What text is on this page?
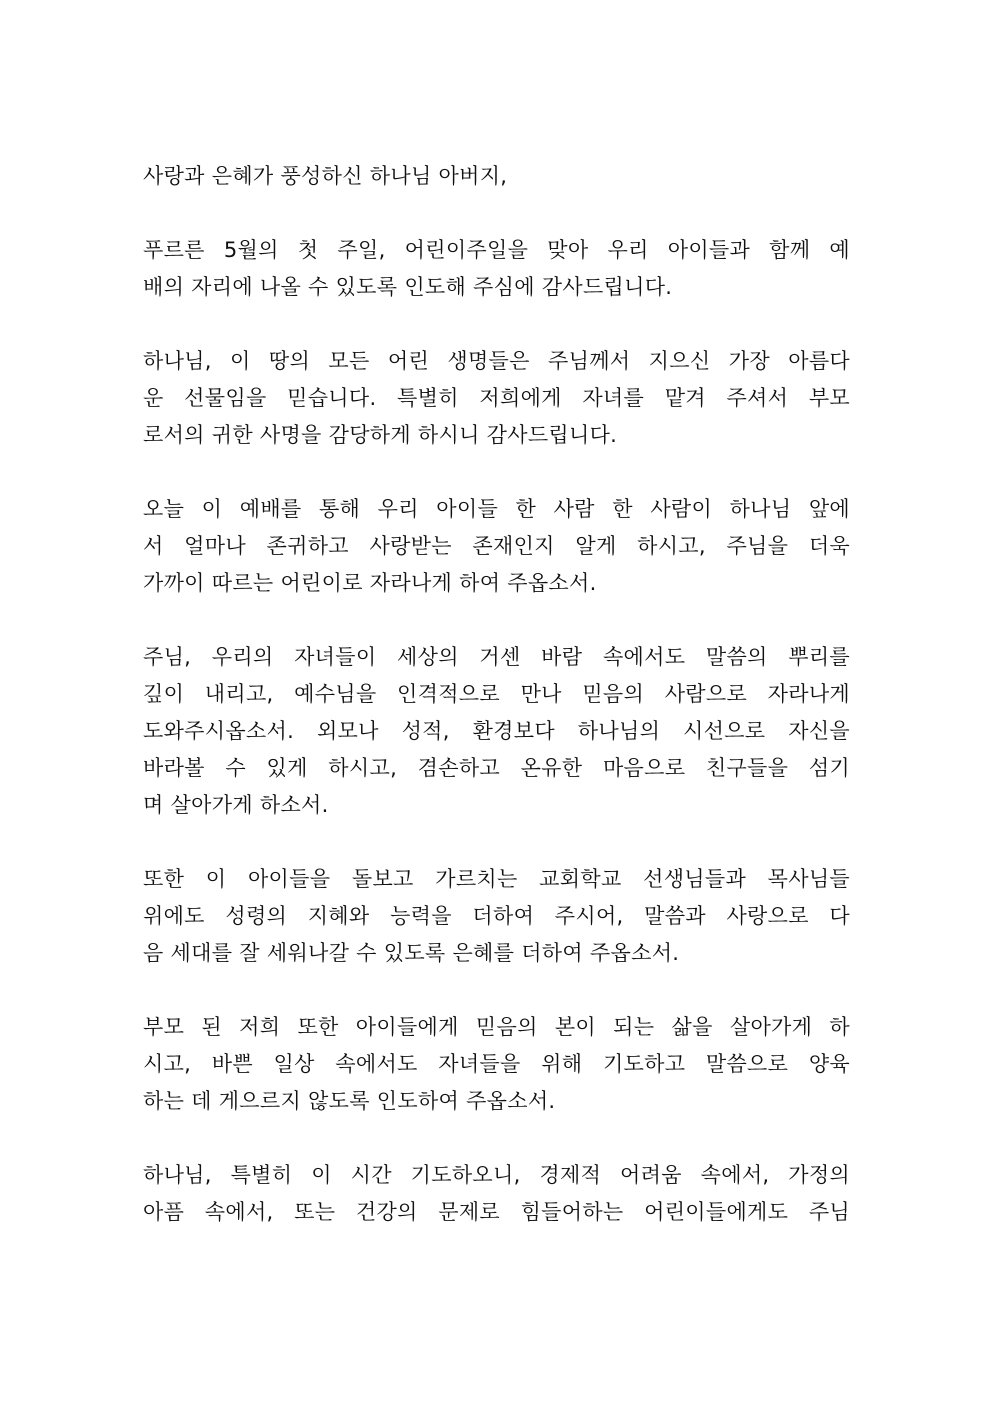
사랑과 은혜가 풍성하신 하나님 아버지,
푸르른 5월의 첫 주일, 어린이주일을 맞아 우리 아이들과 함께 예
배의 자리에 나올 수 있도록 인도해 주심에 감사드립니다.
하나님, 이 땅의 모든 어린 생명들은 주님께서 지으신 가장 아름다
운 선물임을 믿습니다. 특별히 저희에게 자녀를 맡겨 주셔서 부모
로서의 귀한 사명을 감당하게 하시니 감사드립니다.
오늘 이 예배를 통해 우리 아이들 한 사람 한 사람이 하나님 앞에
서 얼마나 존귀하고 사랑받는 존재인지 알게 하시고, 주님을 더욱
가까이 따르는 어린이로 자라나게 하여 주옵소서.
주님, 우리의 자녀들이 세상의 거센 바람 속에서도 말씀의 뿌리를
깊이 내리고, 예수님을 인격적으로 만나 믿음의 사람으로 자라나게
도와주시옵소서. 외모나 성적, 환경보다 하나님의 시선으로 자신을
바라볼 수 있게 하시고, 겸손하고 온유한 마음으로 친구들을 섬기
며 살아가게 하소서.
또한 이 아이들을 돌보고 가르치는 교회학교 선생님들과 목사님들
위에도 성령의 지혜와 능력을 더하여 주시어, 말씀과 사랑으로 다
음 세대를 잘 세워나갈 수 있도록 은혜를 더하여 주옵소서.
부모 된 저희 또한 아이들에게 믿음의 본이 되는 삶을 살아가게 하
시고, 바쁜 일상 속에서도 자녀들을 위해 기도하고 말씀으로 양육
하는 데 게으르지 않도록 인도하여 주옵소서.
하나님, 특별히 이 시간 기도하오니, 경제적 어려움 속에서, 가정의
아픔 속에서, 또는 건강의 문제로 힘들어하는 어린이들에게도 주님
